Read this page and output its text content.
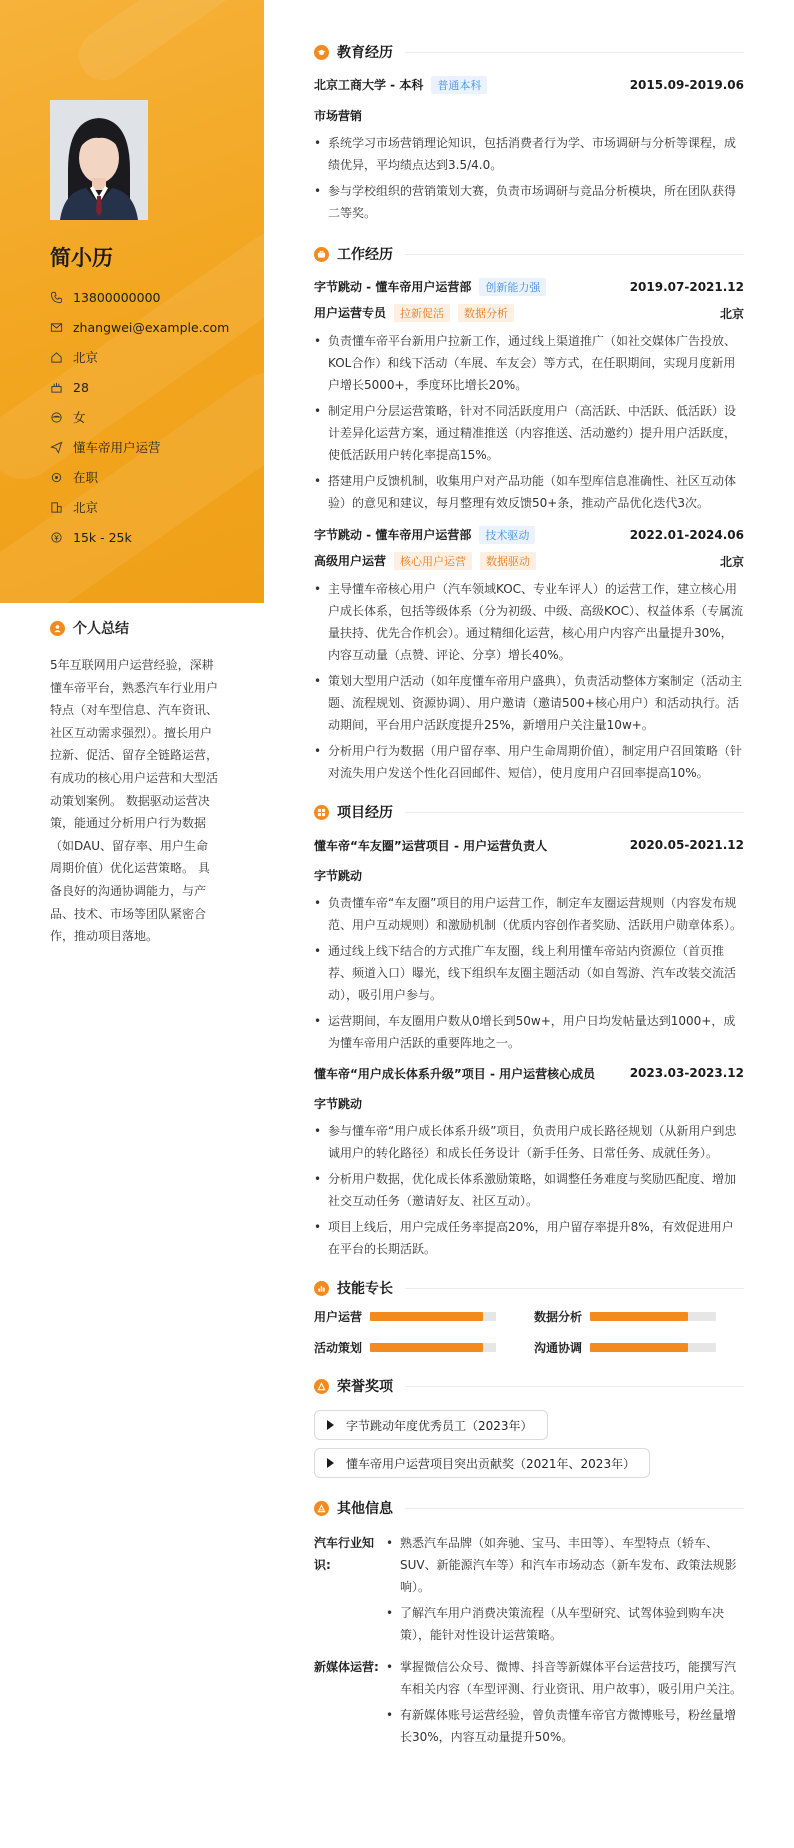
简小历
13800000000
zhangwei@example.com
北京
28
女
懂车帝用户运营
在职
北京
15k - 25k
个人总结
5年互联网用户运营经验，深耕懂车帝平台，熟悉汽车行业用户特点（对车型信息、汽车资讯、社区互动需求强烈）。擅长用户拉新、促活、留存全链路运营，有成功的核心用户运营和大型活动策划案例。 数据驱动运营决策，能通过分析用户行为数据（如DAU、留存率、用户生命周期价值）优化运营策略。 具备良好的沟通协调能力，与产品、技术、市场等团队紧密合作，推动项目落地。
教育经历
北京工商大学 - 本科 普通本科	2015.09-2019.06
市场营销
• 系统学习市场营销理论知识，包括消费者行为学、市场调研与分析等课程，成绩优异，平均绩点达到3.5/4.0。
• 参与学校组织的营销策划大赛，负责市场调研与竞品分析模块，所在团队获得二等奖。
工作经历
字节跳动 - 懂车帝用户运营部 创新能力强	2019.07-2021.12
用户运营专员 拉新促活 数据分析	北京
• 负责懂车帝平台新用户拉新工作，通过线上渠道推广（如社交媒体广告投放、KOL合作）和线下活动（车展、车友会）等方式，在任职期间，实现月度新用户增长5000+，季度环比增长20%。
• 制定用户分层运营策略，针对不同活跃度用户（高活跃、中活跃、低活跃）设计差异化运营方案，通过精准推送（内容推送、活动邀约）提升用户活跃度，使低活跃用户转化率提高15%。
• 搭建用户反馈机制，收集用户对产品功能（如车型库信息准确性、社区互动体验）的意见和建议，每月整理有效反馈50+条，推动产品优化迭代3次。
字节跳动 - 懂车帝用户运营部 技术驱动	2022.01-2024.06
高级用户运营 核心用户运营 数据驱动	北京
• 主导懂车帝核心用户（汽车领域KOC、专业车评人）的运营工作，建立核心用户成长体系，包括等级体系（分为初级、中级、高级KOC）、权益体系（专属流量扶持、优先合作机会）。通过精细化运营，核心用户内容产出量提升30%，内容互动量（点赞、评论、分享）增长40%。
• 策划大型用户活动（如年度懂车帝用户盛典），负责活动整体方案制定（活动主题、流程规划、资源协调）、用户邀请（邀请500+核心用户）和活动执行。活动期间，平台用户活跃度提升25%，新增用户关注量10w+。
• 分析用户行为数据（用户留存率、用户生命周期价值），制定用户召回策略（针对流失用户发送个性化召回邮件、短信），使月度用户召回率提高10%。
项目经历
懂车帝“车友圈”运营项目 - 用户运营负责人	2020.05-2021.12
字节跳动
• 负责懂车帝“车友圈”项目的用户运营工作，制定车友圈运营规则（内容发布规范、用户互动规则）和激励机制（优质内容创作者奖励、活跃用户勋章体系）。
• 通过线上线下结合的方式推广车友圈，线上利用懂车帝站内资源位（首页推荐、频道入口）曝光，线下组织车友圈主题活动（如自驾游、汽车改装交流活动），吸引用户参与。
• 运营期间，车友圈用户数从0增长到50w+，用户日均发帖量达到1000+，成为懂车帝用户活跃的重要阵地之一。
懂车帝“用户成长体系升级”项目 - 用户运营核心成员	2023.03-2023.12
字节跳动
• 参与懂车帝“用户成长体系升级”项目，负责用户成长路径规划（从新用户到忠诚用户的转化路径）和成长任务设计（新手任务、日常任务、成就任务）。
• 分析用户数据，优化成长体系激励策略，如调整任务难度与奖励匹配度、增加社交互动任务（邀请好友、社区互动）。
• 项目上线后，用户完成任务率提高20%，用户留存率提升8%，有效促进用户在平台的长期活跃。
技能专长
用户运营	数据分析
活动策划	沟通协调
荣誉奖项
字节跳动年度优秀员工（2023年）
懂车帝用户运营项目突出贡献奖（2021年、2023年）
其他信息
汽车行业知识:
• 熟悉汽车品牌（如奔驰、宝马、丰田等）、车型特点（轿车、SUV、新能源汽车等）和汽车市场动态（新车发布、政策法规影响）。
• 了解汽车用户消费决策流程（从车型研究、试驾体验到购车决策），能针对性设计运营策略。
新媒体运营:
•	掌握微信公众号、微博、抖音等新媒体平台运营技巧，能撰写汽车相关内容（车型评测、行业资讯、用户故事），吸引用户关注。
• 有新媒体账号运营经验，曾负责懂车帝官方微博账号，粉丝量增长30%，内容互动量提升50%。
